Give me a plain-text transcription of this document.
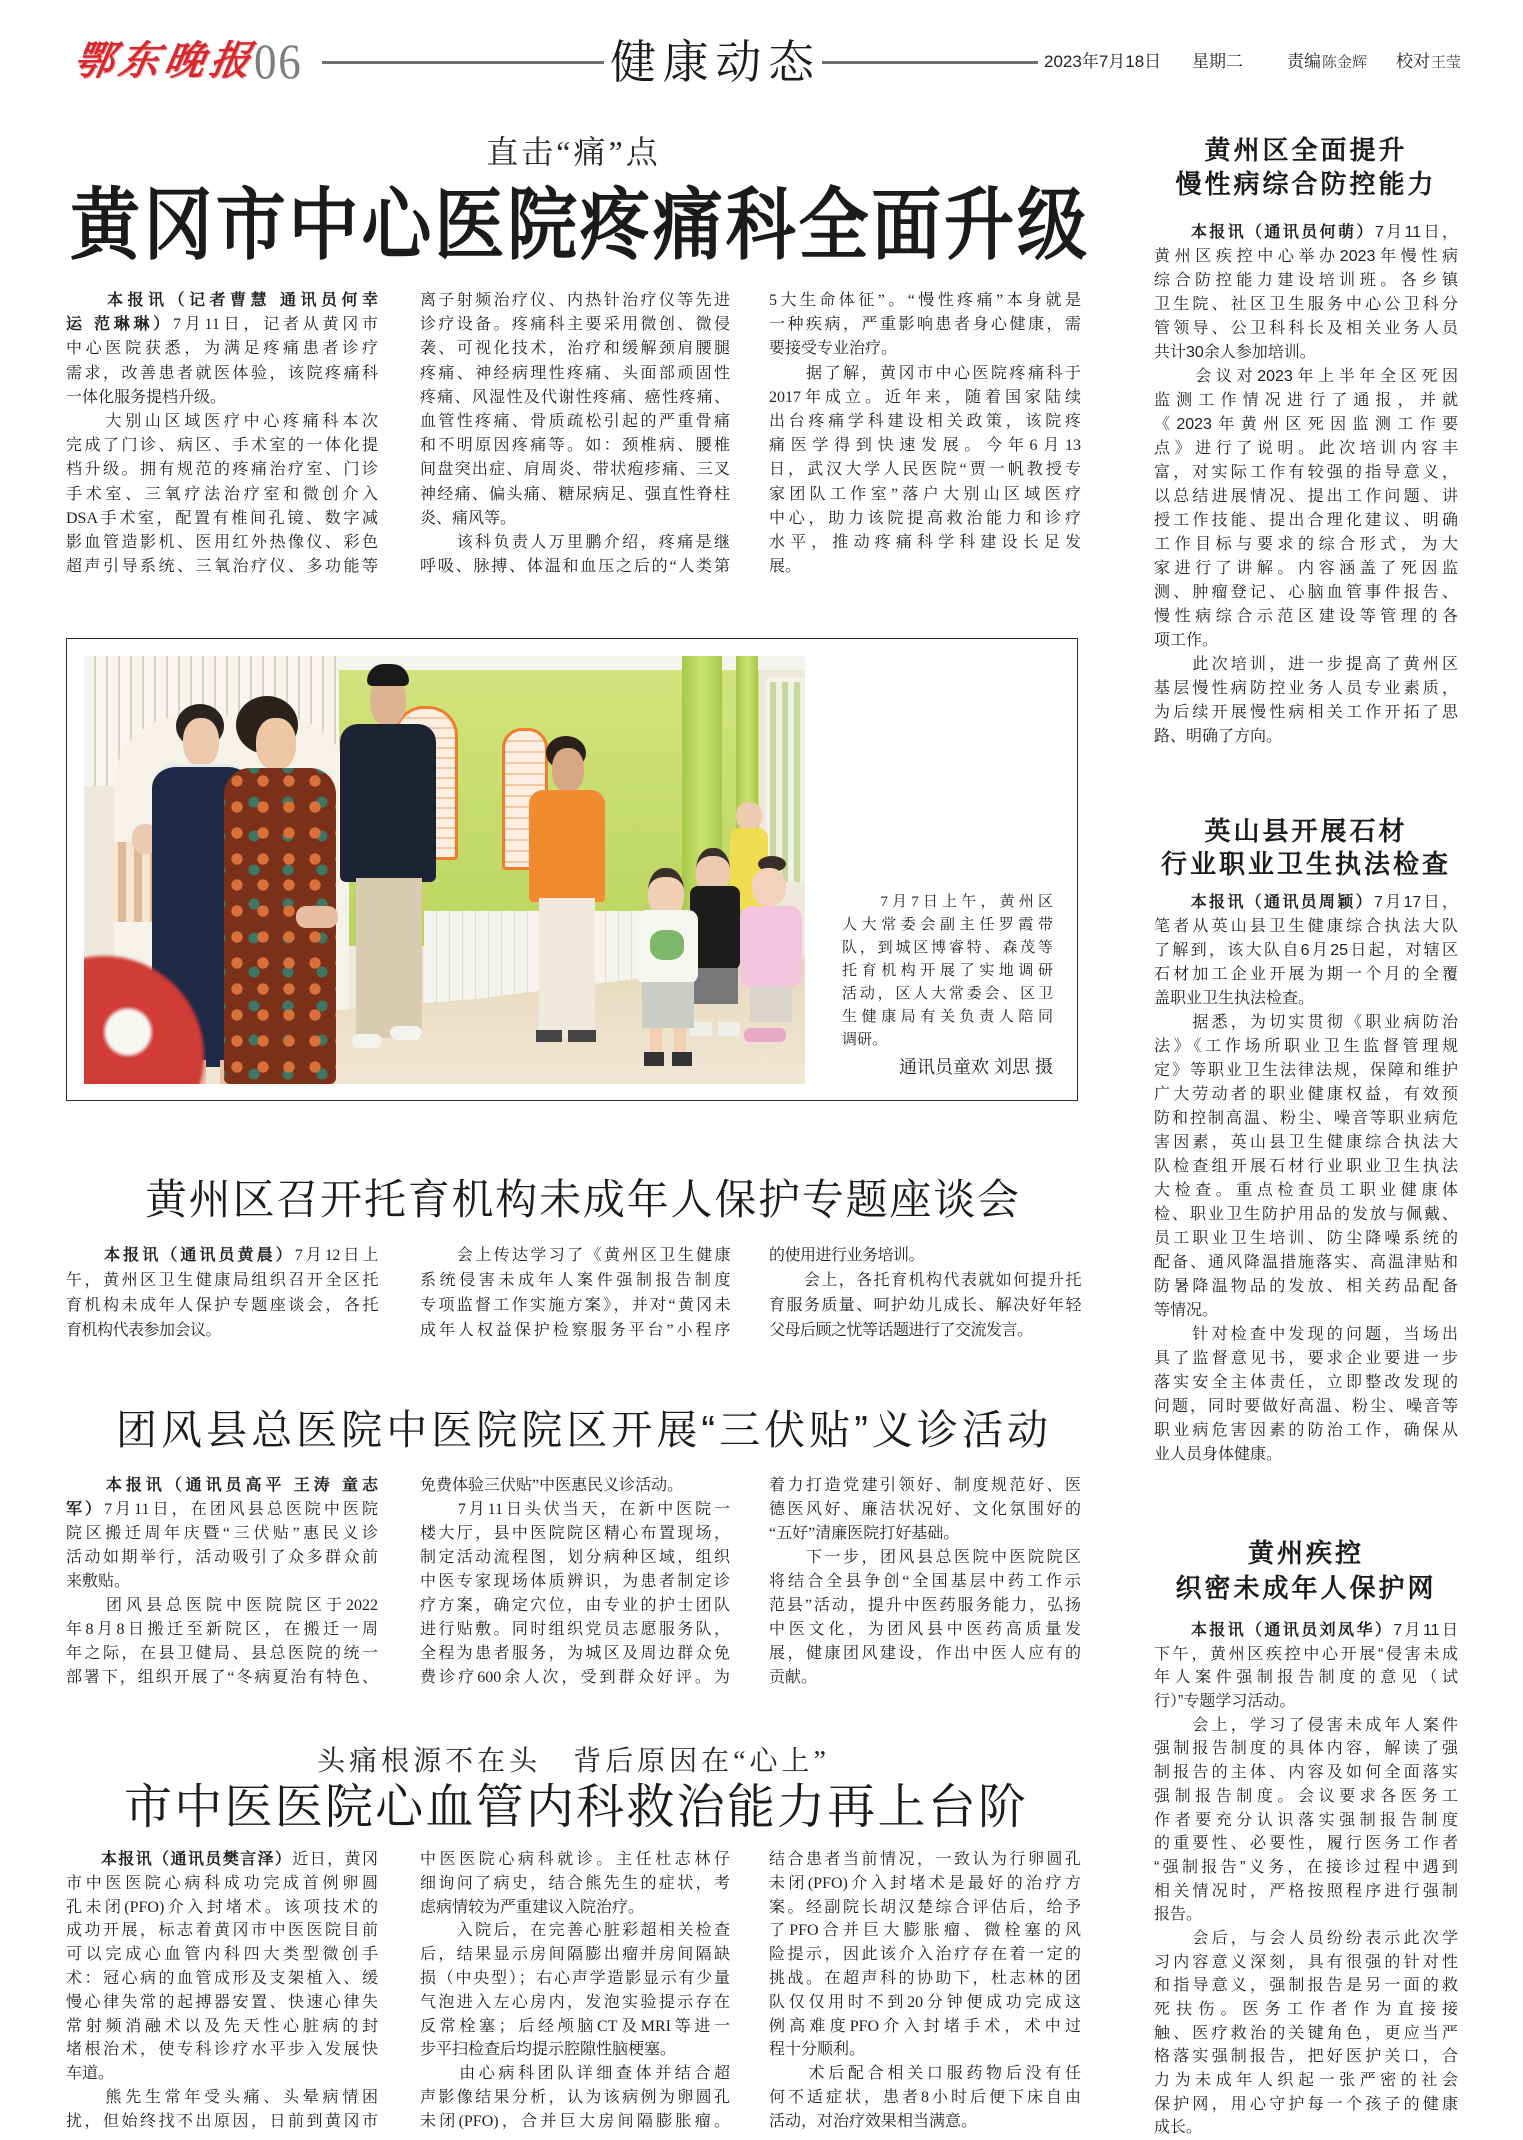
鄂东晚报 06	健康动态	2023年7月18日 星期二	责编 陈金辉 校对 王莹
直击“痛”点
黄冈市中心医院疼痛科全面升级
　　本报讯（记者曹慧 通讯员何幸
运 范琳琳）7月11日，记者从黄冈市
中心医院获悉，为满足疼痛患者诊疗
需求，改善患者就医体验，该院疼痛科
一体化服务提档升级。
　　大别山区域医疗中心疼痛科本次
完成了门诊、病区、手术室的一体化提
档升级。拥有规范的疼痛治疗室、门诊
手术室、三氧疗法治疗室和微创介入
DSA手术室，配置有椎间孔镜、数字减
影血管造影机、医用红外热像仪、彩色
超声引导系统、三氧治疗仪、多功能等
离子射频治疗仪、内热针治疗仪等先进
诊疗设备。疼痛科主要采用微创、微侵
袭、可视化技术，治疗和缓解颈肩腰腿
疼痛、神经病理性疼痛、头面部顽固性
疼痛、风湿性及代谢性疼痛、癌性疼痛、
血管性疼痛、骨质疏松引起的严重骨痛
和不明原因疼痛等。如：颈椎病、腰椎
间盘突出症、肩周炎、带状疱疹痛、三叉
神经痛、偏头痛、糖尿病足、强直性脊柱
炎、痛风等。
　　该科负责人万里鹏介绍，疼痛是继
呼吸、脉搏、体温和血压之后的“人类第
5大生命体征”。“慢性疼痛”本身就是
一种疾病，严重影响患者身心健康，需
要接受专业治疗。
　　据了解，黄冈市中心医院疼痛科于
2017年成立。近年来，随着国家陆续
出台疼痛学科建设相关政策，该院疼
痛医学得到快速发展。今年6月13
日，武汉大学人民医院“贾一帆教授专
家团队工作室”落户大别山区域医疗
中心，助力该院提高救治能力和诊疗
水平，推动疼痛科学科建设长足发
展。
　　7月7日上午，黄州区
人大常委会副主任罗霞带
队，到城区博睿特、森茂等
托育机构开展了实地调研
活动，区人大常委会、区卫
生健康局有关负责人陪同
调研。
通讯员童欢 刘思 摄
黄州区召开托育机构未成年人保护专题座谈会
　　本报讯（通讯员黄晨）7月12日上
午，黄州区卫生健康局组织召开全区托
育机构未成年人保护专题座谈会，各托
育机构代表参加会议。
　　会上传达学习了《黄州区卫生健康
系统侵害未成年人案件强制报告制度
专项监督工作实施方案》，并对“黄冈未
成年人权益保护检察服务平台”小程序
的使用进行业务培训。
　　会上，各托育机构代表就如何提升托
育服务质量、呵护幼儿成长、解决好年轻
父母后顾之忧等话题进行了交流发言。
团风县总医院中医院院区开展“三伏贴”义诊活动
　　本报讯（通讯员高平 王涛 童志
军）7月11日，在团风县总医院中医院
院区搬迁周年庆暨“三伏贴”惠民义诊
活动如期举行，活动吸引了众多群众前
来敷贴。
　　团风县总医院中医院院区于2022
年8月8日搬迁至新院区，在搬迁一周
年之际，在县卫健局、县总医院的统一
部署下，组织开展了“冬病夏治有特色、
免费体验三伏贴”中医惠民义诊活动。
　　7月11日头伏当天，在新中医院一
楼大厅，县中医院院区精心布置现场，
制定活动流程图，划分病种区域，组织
中医专家现场体质辨识，为患者制定诊
疗方案，确定穴位，由专业的护士团队
进行贴敷。同时组织党员志愿服务队，
全程为患者服务，为城区及周边群众免
费诊疗600余人次，受到群众好评。为
着力打造党建引领好、制度规范好、医
德医风好、廉洁状况好、文化氛围好的
“五好”清廉医院打好基础。
　　下一步，团风县总医院中医院院区
将结合全县争创“全国基层中药工作示
范县”活动，提升中医药服务能力，弘扬
中医文化，为团风县中医药高质量发
展，健康团风建设，作出中医人应有的
贡献。
头痛根源不在头　背后原因在“心上”
市中医医院心血管内科救治能力再上台阶
　　本报讯（通讯员樊言泽）近日，黄冈
市中医医院心病科成功完成首例卵圆
孔未闭(PFO)介入封堵术。该项技术的
成功开展，标志着黄冈市中医医院目前
可以完成心血管内科四大类型微创手
术：冠心病的血管成形及支架植入、缓
慢心律失常的起搏器安置、快速心律失
常射频消融术以及先天性心脏病的封
堵根治术，使专科诊疗水平步入发展快
车道。
　　熊先生常年受头痛、头晕病情困
扰，但始终找不出原因，日前到黄冈市
中医医院心病科就诊。主任杜志林仔
细询问了病史，结合熊先生的症状，考
虑病情较为严重建议入院治疗。
　　入院后，在完善心脏彩超相关检查
后，结果显示房间隔膨出瘤并房间隔缺
损（中央型）；右心声学造影显示有少量
气泡进入左心房内，发泡实验提示存在
反常栓塞；后经颅脑CT及MRI等进一
步平扫检查后均提示腔隙性脑梗塞。
　　由心病科团队详细查体并结合超
声影像结果分析，认为该病例为卵圆孔
未闭(PFO)，合并巨大房间隔膨胀瘤。
结合患者当前情况，一致认为行卵圆孔
未闭(PFO)介入封堵术是最好的治疗方
案。经副院长胡汉楚综合评估后，给予
了PFO合并巨大膨胀瘤、微栓塞的风
险提示，因此该介入治疗存在着一定的
挑战。在超声科的协助下，杜志林的团
队仅仅用时不到20分钟便成功完成这
例高难度PFO介入封堵手术，术中过
程十分顺利。
　　术后配合相关口服药物后没有任
何不适症状，患者8小时后便下床自由
活动，对治疗效果相当满意。
黄州区全面提升
慢性病综合防控能力
　　本报讯（通讯员何萌）7月11日，
黄州区疾控中心举办2023年慢性病
综合防控能力建设培训班。各乡镇
卫生院、社区卫生服务中心公卫科分
管领导、公卫科科长及相关业务人员
共计30余人参加培训。
　　会议对2023年上半年全区死因
监测工作情况进行了通报，并就
《2023年黄州区死因监测工作要
点》进行了说明。此次培训内容丰
富，对实际工作有较强的指导意义，
以总结进展情况、提出工作问题、讲
授工作技能、提出合理化建议、明确
工作目标与要求的综合形式，为大
家进行了讲解。内容涵盖了死因监
测、肿瘤登记、心脑血管事件报告、
慢性病综合示范区建设等管理的各
项工作。
　　此次培训，进一步提高了黄州区
基层慢性病防控业务人员专业素质，
为后续开展慢性病相关工作开拓了思
路、明确了方向。
英山县开展石材
行业职业卫生执法检查
　　本报讯（通讯员周颖）7月17日，
笔者从英山县卫生健康综合执法大队
了解到，该大队自6月25日起，对辖区
石材加工企业开展为期一个月的全覆
盖职业卫生执法检查。
　　据悉，为切实贯彻《职业病防治
法》《工作场所职业卫生监督管理规
定》等职业卫生法律法规，保障和维护
广大劳动者的职业健康权益，有效预
防和控制高温、粉尘、噪音等职业病危
害因素，英山县卫生健康综合执法大
队检查组开展石材行业职业卫生执法
大检查。重点检查员工职业健康体
检、职业卫生防护用品的发放与佩戴、
员工职业卫生培训、防尘降噪系统的
配备、通风降温措施落实、高温津贴和
防暑降温物品的发放、相关药品配备
等情况。
　　针对检查中发现的问题，当场出
具了监督意见书，要求企业要进一步
落实安全主体责任，立即整改发现的
问题，同时要做好高温、粉尘、噪音等
职业病危害因素的防治工作，确保从
业人员身体健康。
黄州疾控
织密未成年人保护网
　　本报讯（通讯员刘凤华）7月11日
下午，黄州区疾控中心开展“侵害未成
年人案件强制报告制度的意见（试
行）”专题学习活动。
　　会上，学习了侵害未成年人案件
强制报告制度的具体内容，解读了强
制报告的主体、内容及如何全面落实
强制报告制度。会议要求各医务工
作者要充分认识落实强制报告制度
的重要性、必要性，履行医务工作者
“强制报告”义务，在接诊过程中遇到
相关情况时，严格按照程序进行强制
报告。
　　会后，与会人员纷纷表示此次学
习内容意义深刻，具有很强的针对性
和指导意义，强制报告是另一面的救
死扶伤。医务工作者作为直接接
触、医疗救治的关键角色，更应当严
格落实强制报告，把好医护关口，合
力为未成年人织起一张严密的社会
保护网，用心守护每一个孩子的健康
成长。
